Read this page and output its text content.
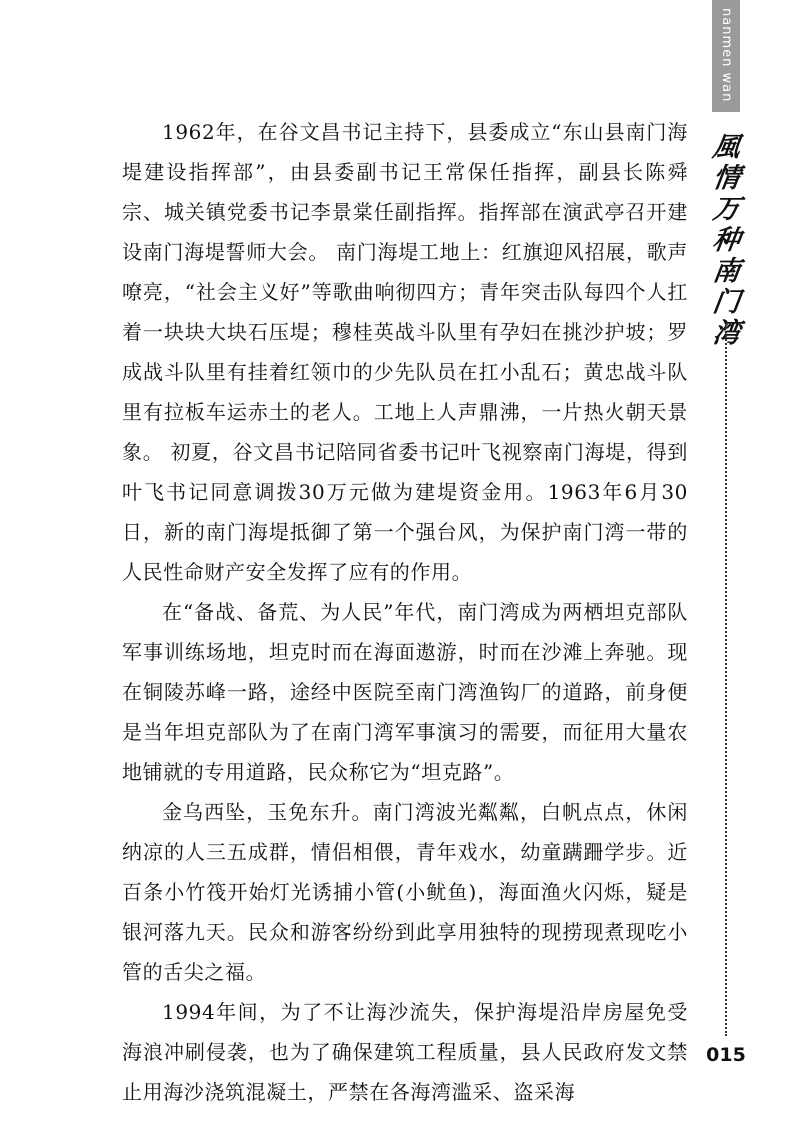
1962年，在谷文昌书记主持下，县委成立“东山县南门海堤建设指挥部”，由县委副书记王常保任指挥，副县长陈舜宗、城关镇党委书记李景棠任副指挥。指挥部在演武亭召开建设南门海堤誓师大会。 南门海堤工地上：红旗迎风招展，歌声嘹亮，“社会主义好”等歌曲响彻四方；青年突击队每四个人扛着一块块大块石压堤；穆桂英战斗队里有孕妇在挑沙护坡；罗成战斗队里有挂着红领巾的少先队员在扛小乱石；黄忠战斗队里有拉板车运赤土的老人。工地上人声鼎沸，一片热火朝天景象。 初夏，谷文昌书记陪同省委书记叶飞视察南门海堤，得到叶飞书记同意调拨30万元做为建堤资金用。1963年6月30日，新的南门海堤抵御了第一个强台风，为保护南门湾一带的人民性命财产安全发挥了应有的作用。

在“备战、备荒、为人民”年代，南门湾成为两栖坦克部队军事训练场地，坦克时而在海面遨游，时而在沙滩上奔驰。现在铜陵苏峰一路，途经中医院至南门湾渔钩厂的道路，前身便是当年坦克部队为了在南门湾军事演习的需要，而征用大量农地铺就的专用道路，民众称它为“坦克路”。

金乌西坠，玉免东升。南门湾波光粼粼，白帆点点，休闲纳凉的人三五成群，情侣相偎，青年戏水，幼童蹒跚学步。近百条小竹筏开始灯光诱捕小管(小鱿鱼)，海面渔火闪烁，疑是银河落九天。民众和游客纷纷到此享用独特的现捞现煮现吃小管的舌尖之福。

1994年间，为了不让海沙流失，保护海堤沿岸房屋免受海浪冲刷侵袭，也为了确保建筑工程质量，县人民政府发文禁止用海沙浇筑混凝土，严禁在各海湾滥采、盗采海

nanmen wan
風
情
万
种
南
门
湾
015
